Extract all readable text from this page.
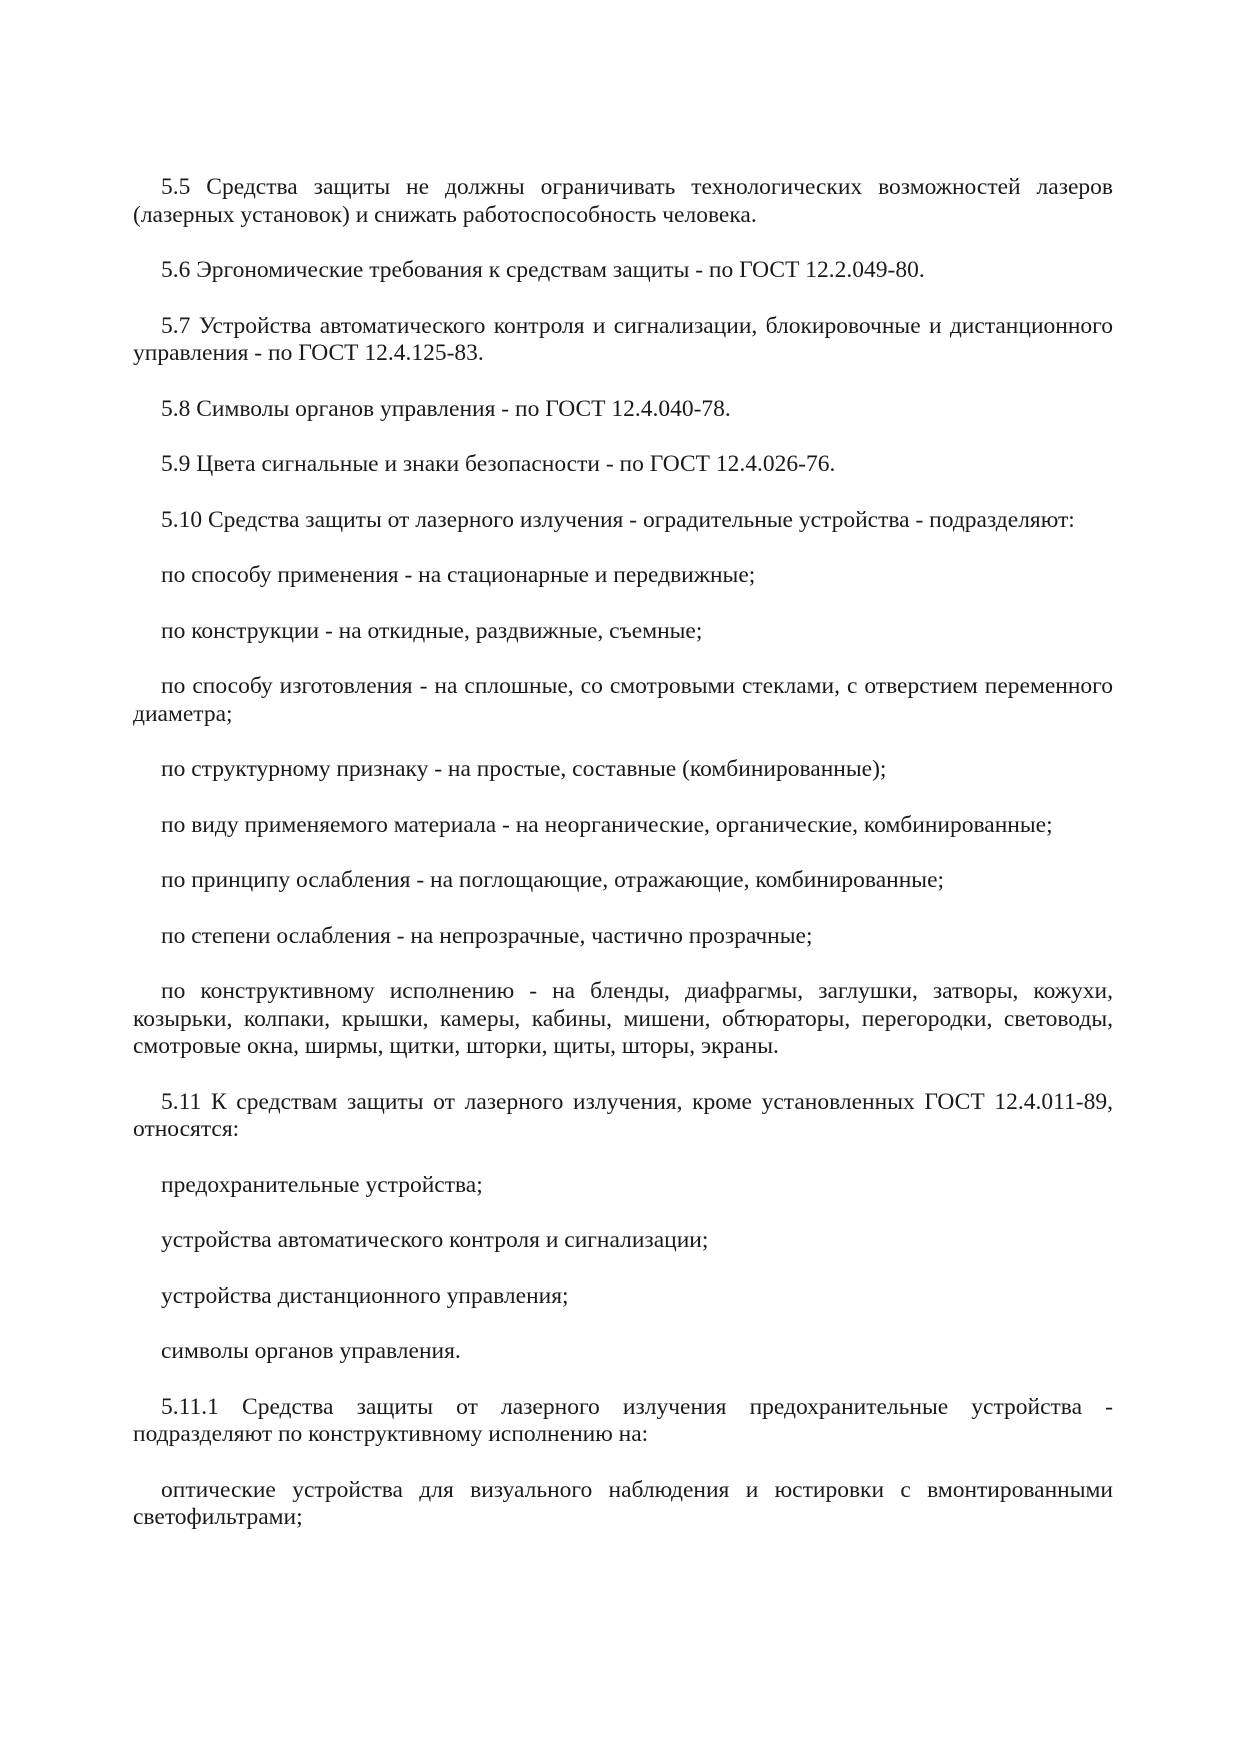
5.5 Средства защиты не должны ограничивать технологических возможностей лазеров (лазерных установок) и снижать работоспособность человека.

5.6 Эргономические требования к средствам защиты - по ГОСТ 12.2.049-80.

5.7 Устройства автоматического контроля и сигнализации, блокировочные и дистанционного управления - по ГОСТ 12.4.125-83.

5.8 Символы органов управления - по ГОСТ 12.4.040-78.

5.9 Цвета сигнальные и знаки безопасности - по ГОСТ 12.4.026-76.

5.10 Средства защиты от лазерного излучения - оградительные устройства - подразделяют:

по способу применения - на стационарные и передвижные;

по конструкции - на откидные, раздвижные, съемные;

по способу изготовления - на сплошные, со смотровыми стеклами, с отверстием переменного диаметра;

по структурному признаку - на простые, составные (комбинированные);

по виду применяемого материала - на неорганические, органические, комбинированные;

по принципу ослабления - на поглощающие, отражающие, комбинированные;

по степени ослабления - на непрозрачные, частично прозрачные;

по конструктивному исполнению - на бленды, диафрагмы, заглушки, затворы, кожухи, козырьки, колпаки, крышки, камеры, кабины, мишени, обтюраторы, перегородки, световоды, смотровые окна, ширмы, щитки, шторки, щиты, шторы, экраны.

5.11 К средствам защиты от лазерного излучения, кроме установленных ГОСТ 12.4.011-89, относятся:

предохранительные устройства;

устройства автоматического контроля и сигнализации;

устройства дистанционного управления;

символы органов управления.

5.11.1 Средства защиты от лазерного излучения предохранительные устройства - подразделяют по конструктивному исполнению на:

оптические устройства для визуального наблюдения и юстировки с вмонтированными светофильтрами;
